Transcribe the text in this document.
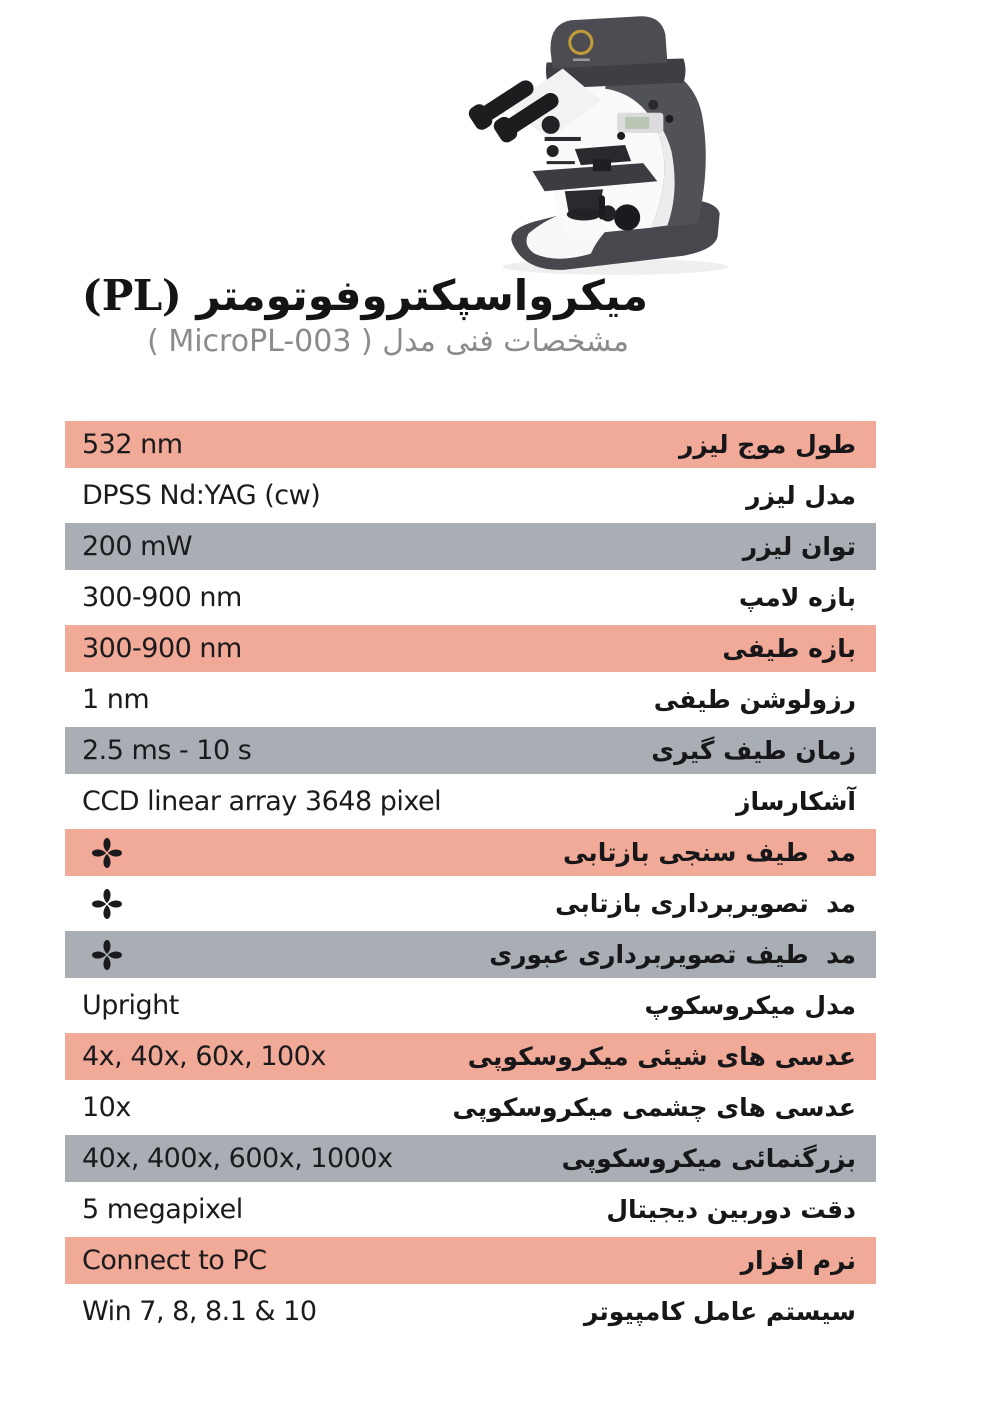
میکرواسپکتروفوتومتر (PL)
مشخصات فنی مدل ( MicroPL-003 )
532 nm	طول موج لیزر
DPSS Nd:YAG (cw)	مدل لیزر
200 mW	توان لیزر
300-900 nm	بازه لامپ
300-900 nm	بازه طیفی
1 nm	رزولوشن طیفی
2.5 ms - 10 s	زمان طیف گیری
CCD linear array 3648 pixel	آشکارساز
مد  طیف سنجی بازتابی
مد  تصویربرداری بازتابی
مد  طیف تصویربرداری عبوری
Upright	مدل میکروسکوپ
4x, 40x, 60x, 100x	عدسی های شیئی میکروسکوپی
10x	عدسی های چشمی میکروسکوپی
40x, 400x, 600x, 1000x	بزرگنمائی میکروسکوپی
5 megapixel	دقت دوربین دیجیتال
Connect to PC	نرم افزار
Win 7, 8, 8.1 & 10	سیستم عامل کامپیوتر
